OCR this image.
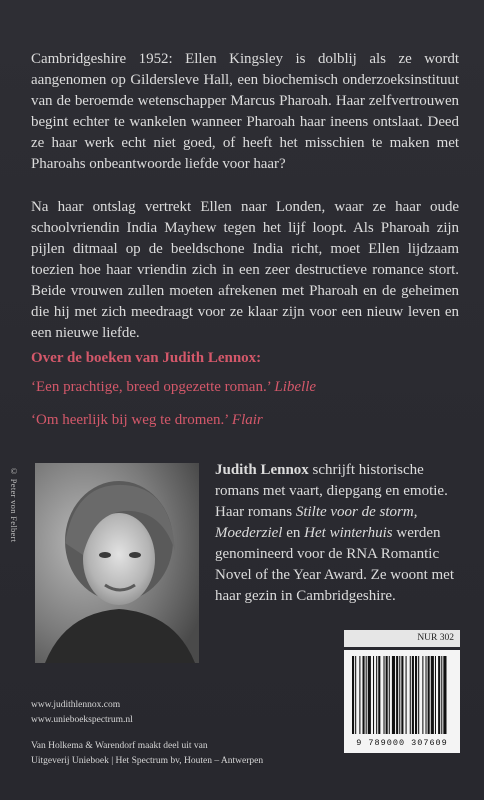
Cambridgeshire 1952: Ellen Kingsley is dolblij als ze wordt aangenomen op Gildersleve Hall, een biochemisch onderzoeksinstituut van de beroemde wetenschapper Marcus Pharoah. Haar zelfvertrouwen begint echter te wankelen wanneer Pharoah haar ineens ontslaat. Deed ze haar werk echt niet goed, of heeft het misschien te maken met Pharoahs onbeantwoorde liefde voor haar?

Na haar ontslag vertrekt Ellen naar Londen, waar ze haar oude schoolvriendin India Mayhew tegen het lijf loopt. Als Pharoah zijn pijlen ditmaal op de beeldschone India richt, moet Ellen lijdzaam toezien hoe haar vriendin zich in een zeer destructieve romance stort. Beide vrouwen zullen moeten afrekenen met Pharoah en de geheimen die hij met zich meedraagt voor ze klaar zijn voor een nieuw leven en een nieuwe liefde.

Over de boeken van Judith Lennox:

‘Een prachtige, breed opgezette roman.’ Libelle

‘Om heerlijk bij weg te dromen.’ Flair

© Peter von Felbert	Judith Lennox schrijft historische romans met vaart, diepgang en emotie. Haar romans Stilte voor de storm, Moederziel en Het winterhuis werden genomineerd voor de RNA Romantic Novel of the Year Award. Ze woont met haar gezin in Cambridgeshire.

NUR 302
9 789000 307609

www.judithlennox.com

www.unieboekspectrum.nl

Van Holkema & Warendorf maakt deel uit van

Uitgeverij Unieboek | Het Spectrum bv, Houten – Antwerpen
